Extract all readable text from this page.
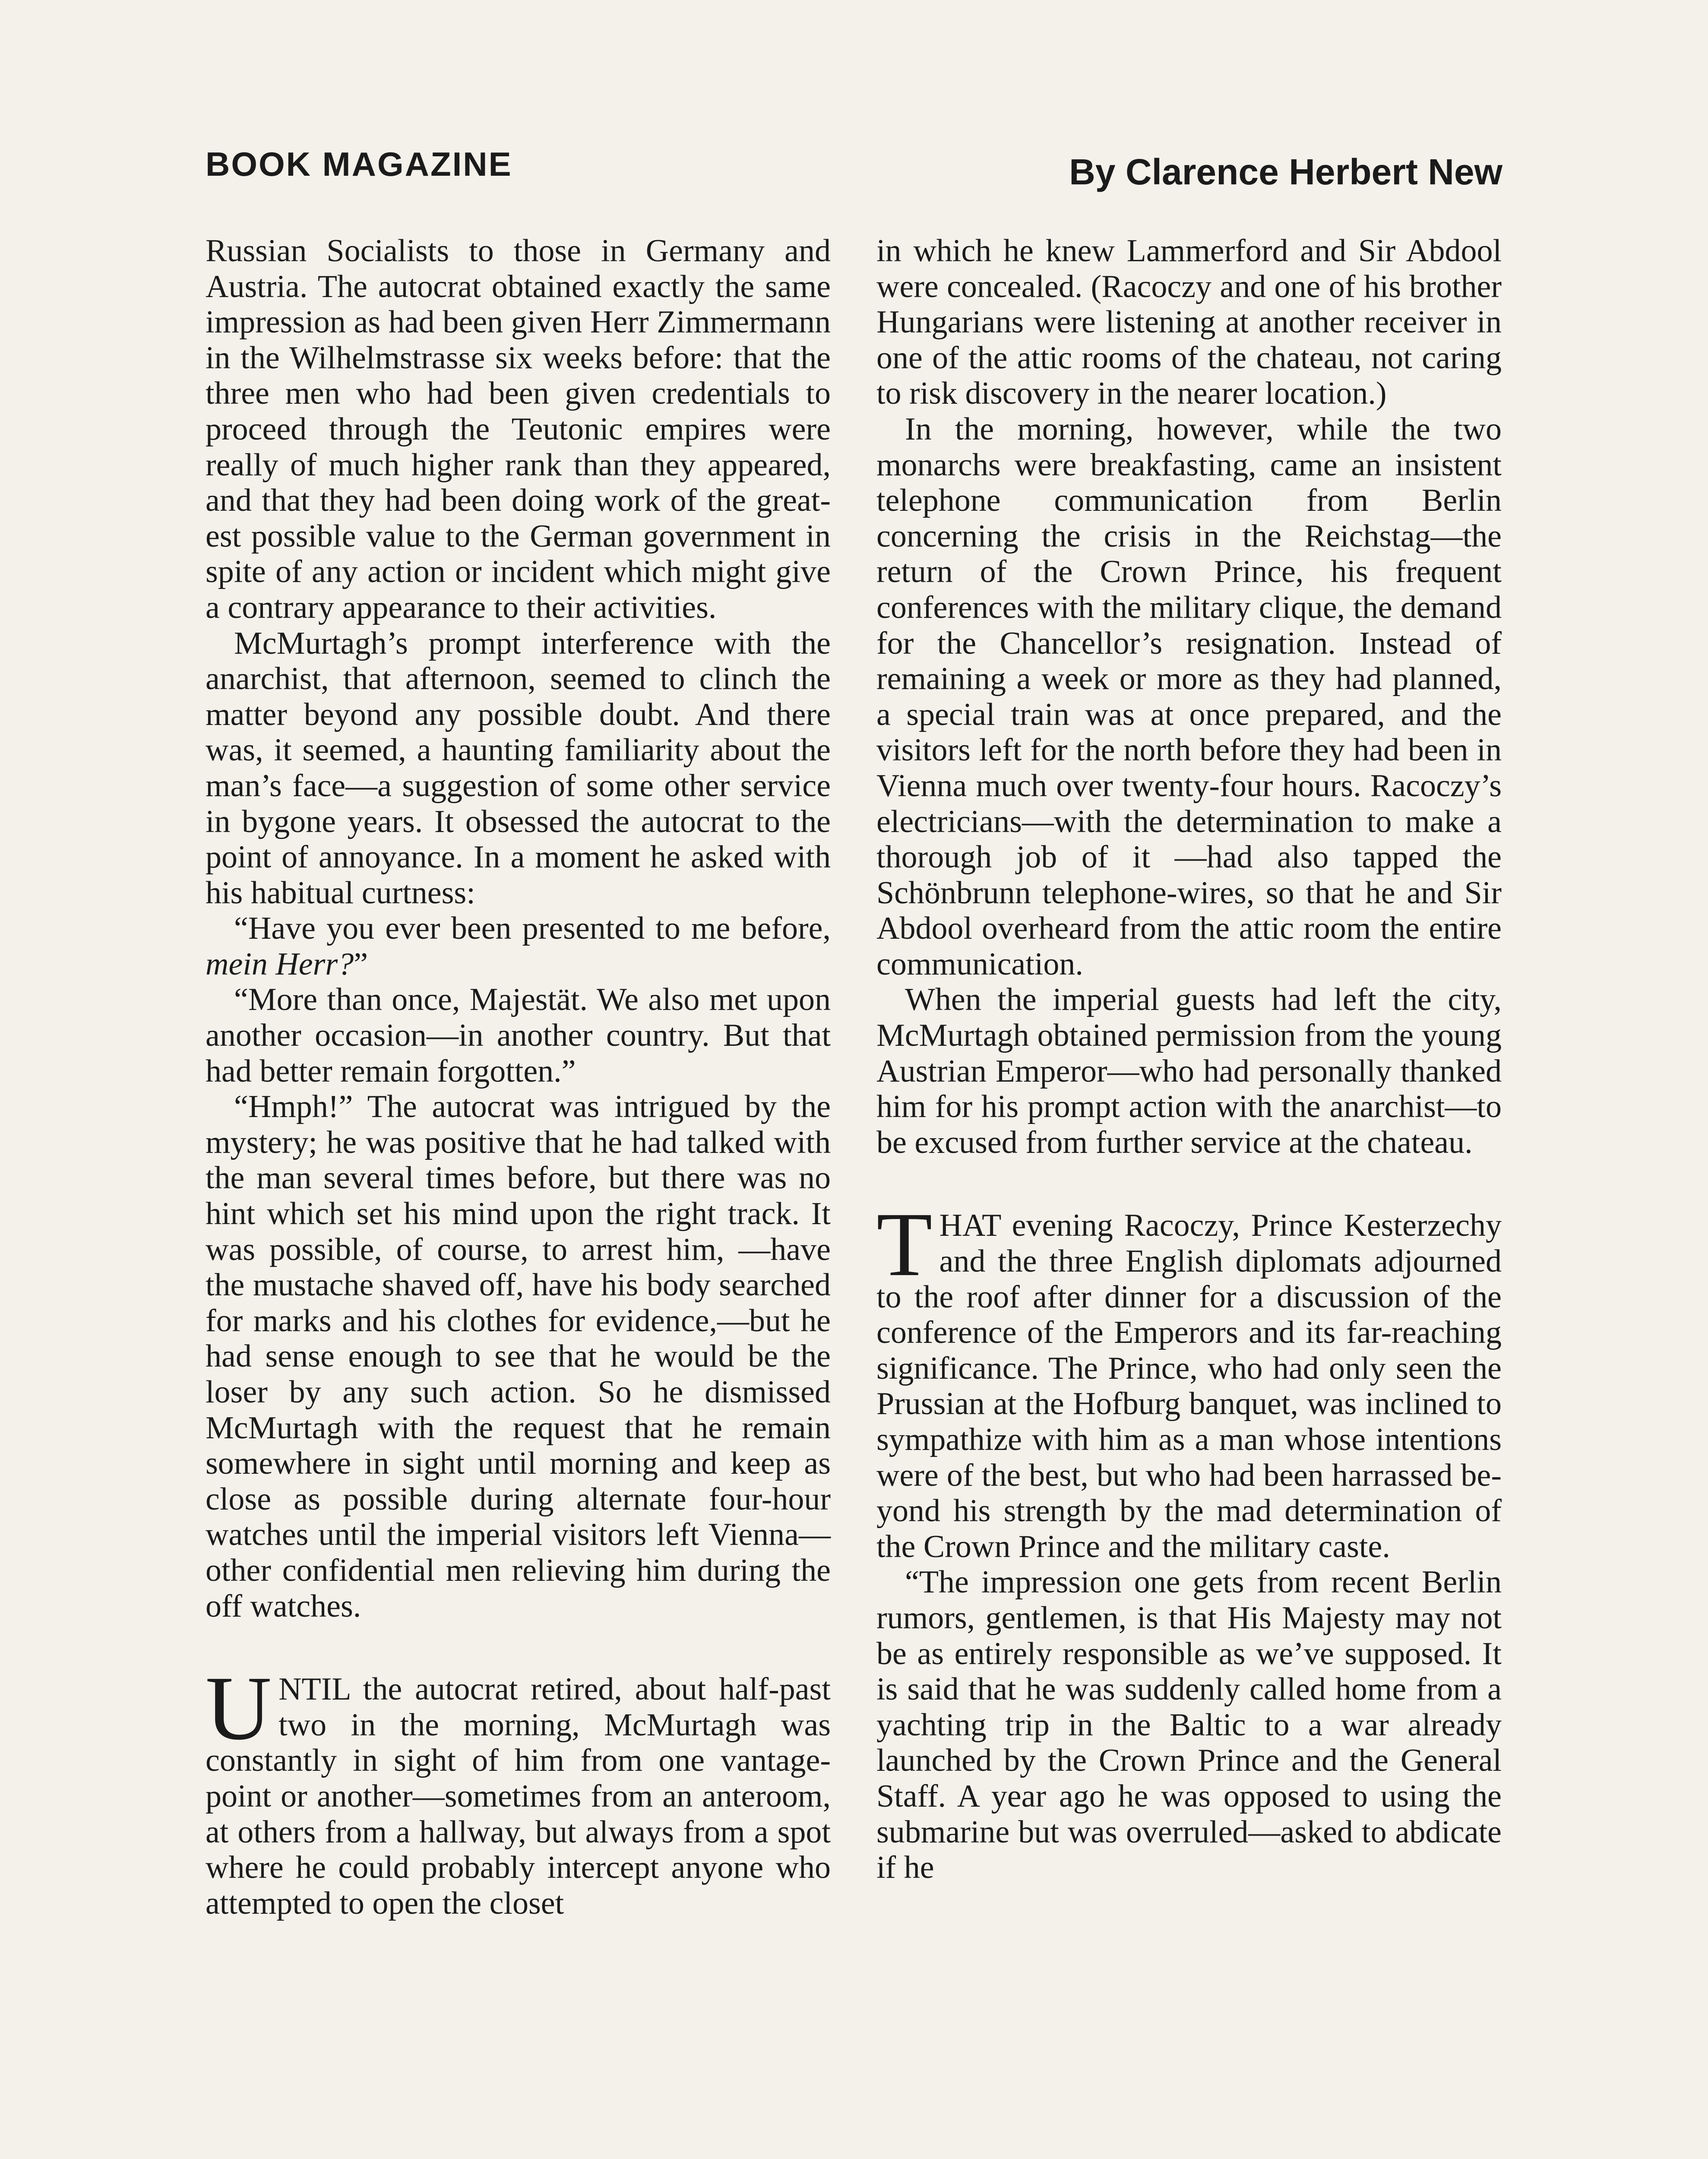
BOOK MAGAZINE	By Clarence Herbert New

Russian Socialists to those in Germany and Austria. The autocrat obtained exactly the same impression as had been given Herr Zimmermann in the Wilhelmstrasse six weeks before: that the three men who had been given credentials to proceed through the Teutonic empires were really of much higher rank than they appeared, and that they had been doing work of the greatest possible value to the German government in spite of any action or incident which might give a contrary appearance to their activities.

McMurtagh’s prompt interference with the anarchist, that afternoon, seemed to clinch the matter beyond any possible doubt. And there was, it seemed, a haunting familiarity about the man’s face—a suggestion of some other service in bygone years. It obsessed the autocrat to the point of annoyance. In a moment he asked with his habitual curtness:

“Have you ever been presented to me before, mein Herr?”

“More than once, Majestät. We also met upon another occasion—in another country. But that had better remain forgotten.”

“Hmph!” The autocrat was intrigued by the mystery; he was positive that he had talked with the man several times before, but there was no hint which set his mind upon the right track. It was possible, of course, to arrest him, —have the mustache shaved off, have his body searched for marks and his clothes for evidence,—but he had sense enough to see that he would be the loser by any such action. So he dismissed McMurtagh with the request that he remain somewhere in sight until morning and keep as close as possible during alternate four-hour watches until the imperial visitors left Vienna—other confidential men relieving him during the off watches.

UNTIL the autocrat retired, about half-past two in the morning, McMurtagh was constantly in sight of him from one vantage-point or another—sometimes from an anteroom, at others from a hallway, but always from a spot where he could probably intercept anyone who attempted to open the closet

in which he knew Lammerford and Sir Abdool were concealed. (Racoczy and one of his brother Hungarians were listening at another receiver in one of the attic rooms of the chateau, not caring to risk discovery in the nearer location.)

In the morning, however, while the two monarchs were breakfasting, came an insistent telephone communication from Berlin concerning the crisis in the Reichstag—the return of the Crown Prince, his frequent conferences with the military clique, the demand for the Chancellor’s resignation. Instead of remaining a week or more as they had planned, a special train was at once prepared, and the visitors left for the north before they had been in Vienna much over twenty-four hours. Racoczy’s electricians—with the determination to make a thorough job of it —had also tapped the Schönbrunn telephone-wires, so that he and Sir Abdool overheard from the attic room the entire communication.

When the imperial guests had left the city, McMurtagh obtained permission from the young Austrian Emperor—who had personally thanked him for his prompt action with the anarchist—to be excused from further service at the chateau.

THAT evening Racoczy, Prince Kesterzechy and the three English diplomats adjourned to the roof after dinner for a discussion of the conference of the Emperors and its far-reaching significance. The Prince, who had only seen the Prussian at the Hofburg banquet, was inclined to sympathize with him as a man whose intentions were of the best, but who had been harrassed beyond his strength by the mad determination of the Crown Prince and the military caste.

“The impression one gets from recent Berlin rumors, gentlemen, is that His Majesty may not be as entirely responsible as we’ve supposed. It is said that he was suddenly called home from a yachting trip in the Baltic to a war already launched by the Crown Prince and the General Staff. A year ago he was opposed to using the submarine but was overruled—asked to abdicate if he
